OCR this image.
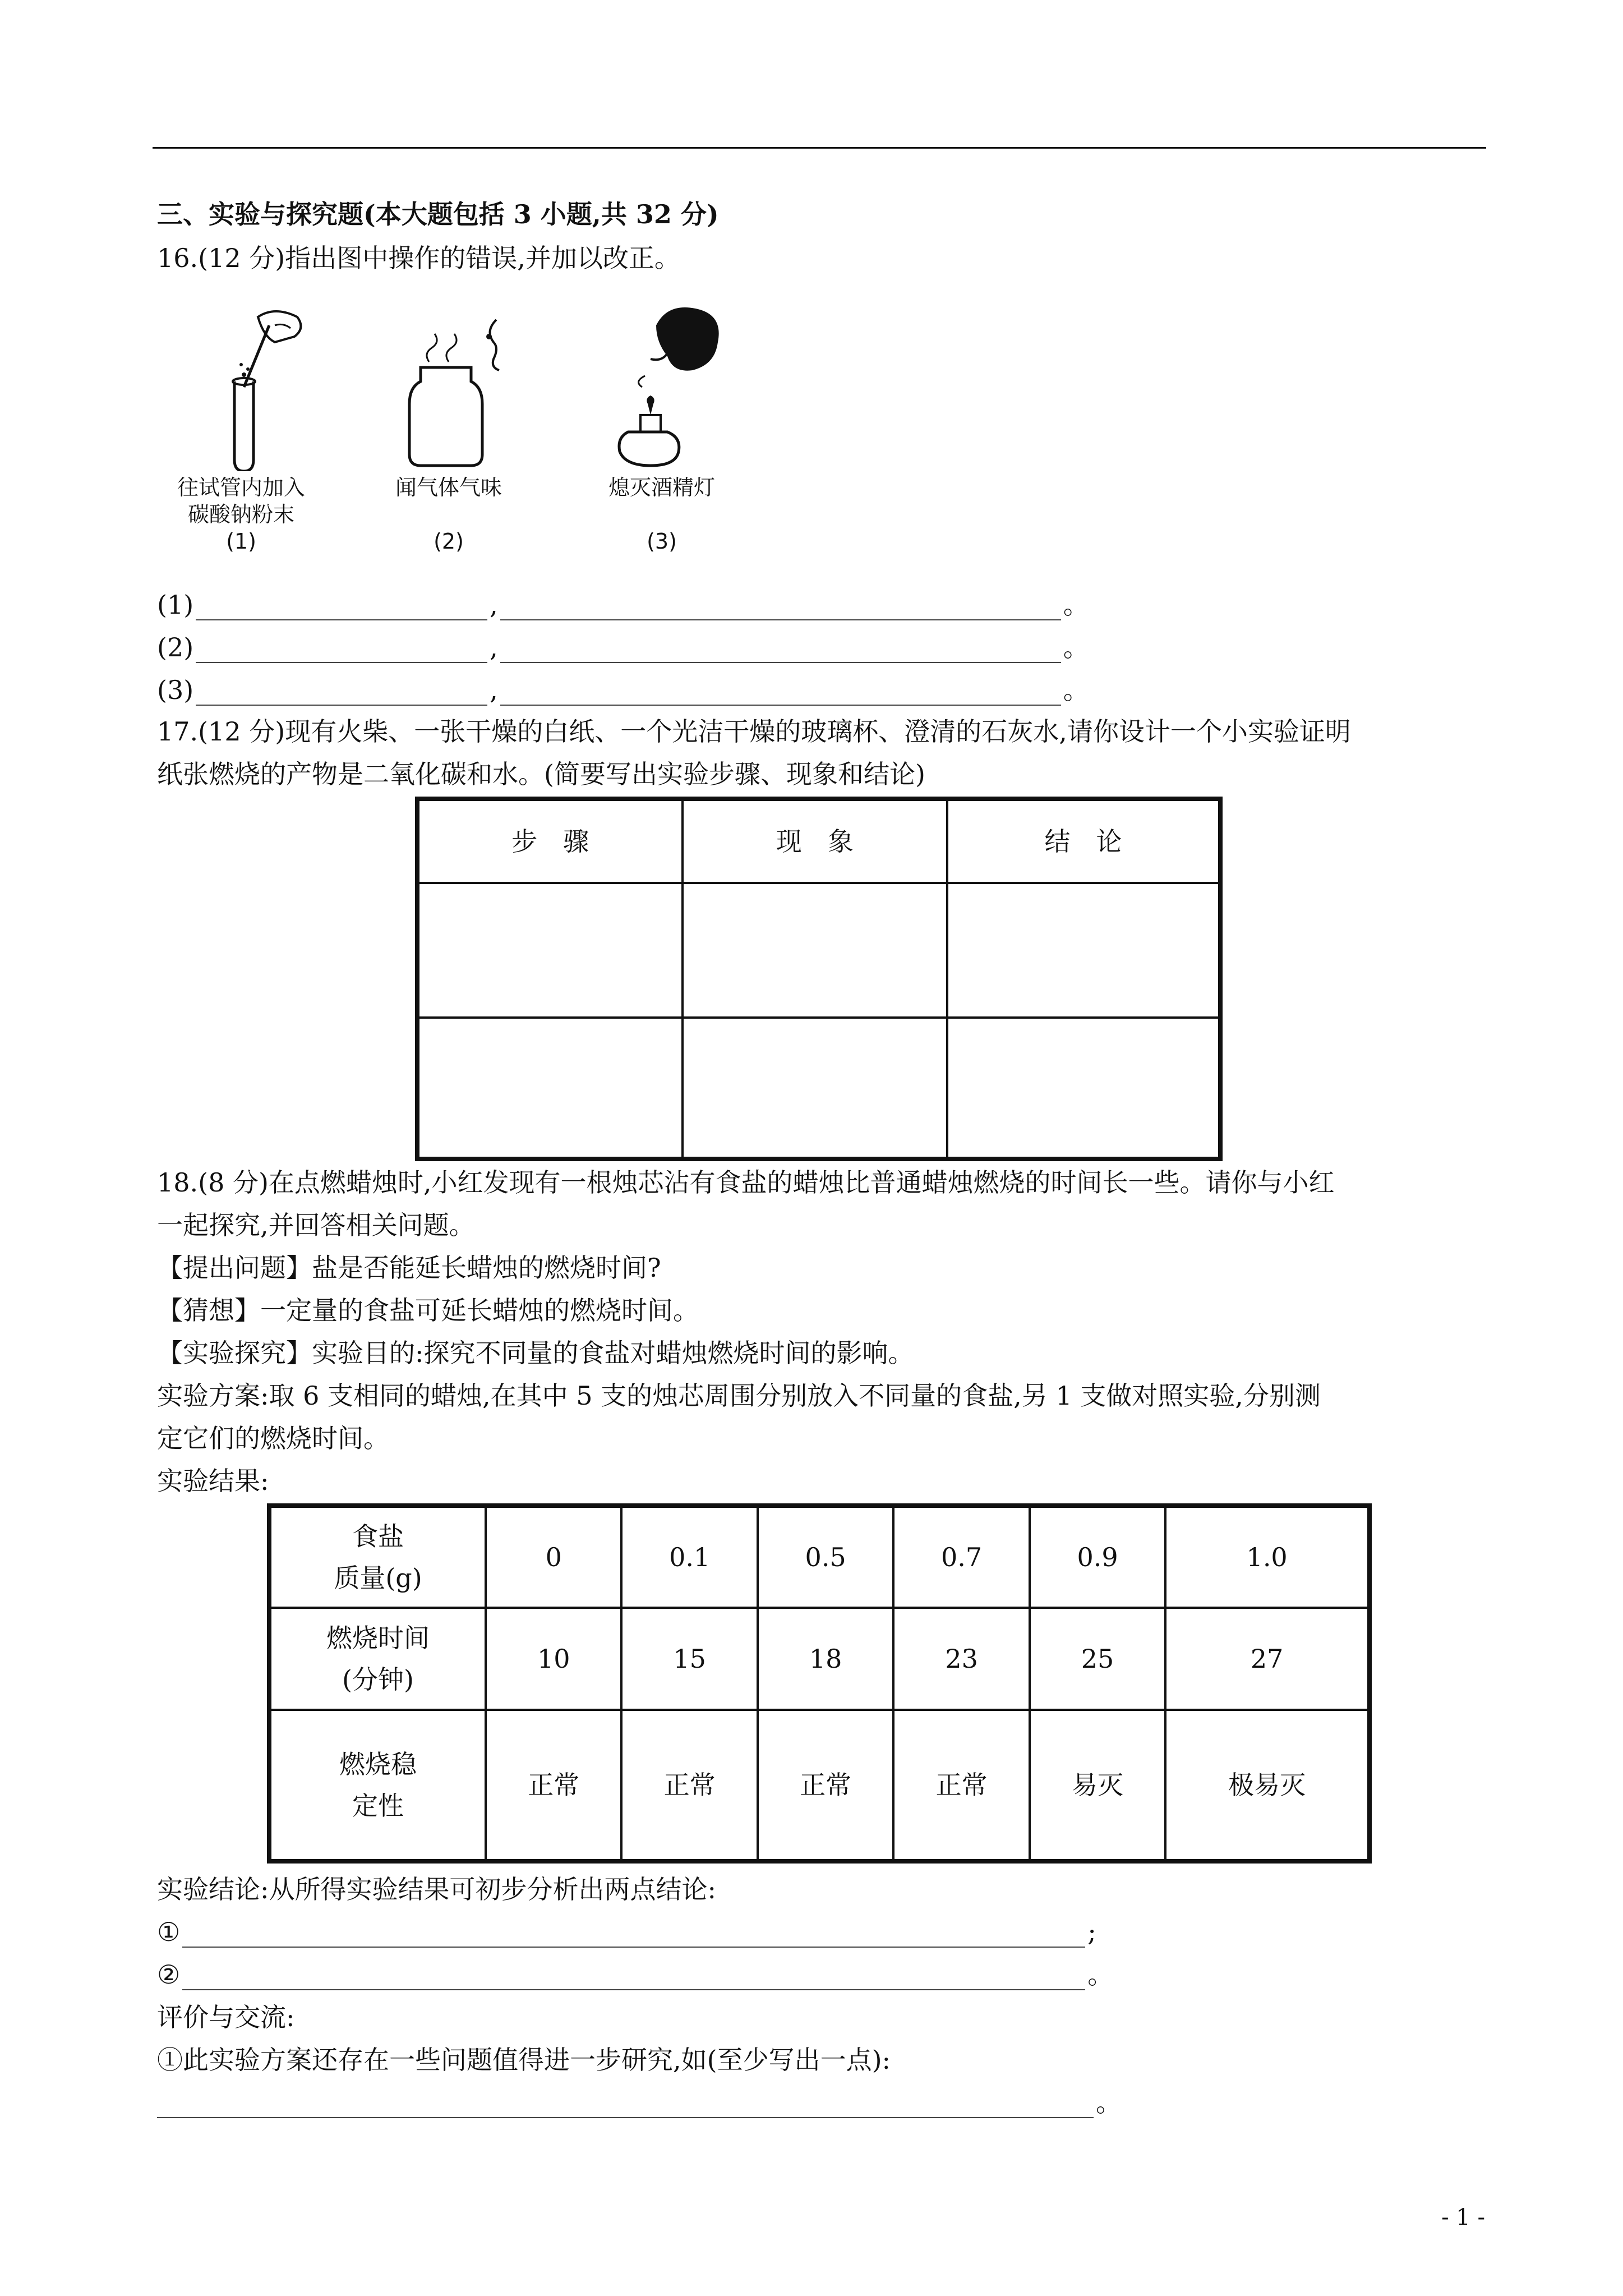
三、实验与探究题(本大题包括 3 小题,共 32 分)
16.(12 分)指出图中操作的错误,并加以改正。
往试管内加入
碳酸钠粉末
(1)
闻气体气味
(2)
熄灭酒精灯
(3)
(1)	,	。
(2)	,	。
(3)	,	。
17.(12 分)现有火柴、一张干燥的白纸、一个光洁干燥的玻璃杯、澄清的石灰水,请你设计一个小实验证明
纸张燃烧的产物是二氧化碳和水。(简要写出实验步骤、现象和结论)
步　骤	现　象	结　论

18.(8 分)在点燃蜡烛时,小红发现有一根烛芯沾有食盐的蜡烛比普通蜡烛燃烧的时间长一些。请你与小红
一起探究,并回答相关问题。
【提出问题】盐是否能延长蜡烛的燃烧时间?
【猜想】一定量的食盐可延长蜡烛的燃烧时间。
【实验探究】实验目的:探究不同量的食盐对蜡烛燃烧时间的影响。
实验方案:取 6 支相同的蜡烛,在其中 5 支的烛芯周围分别放入不同量的食盐,另 1 支做对照实验,分别测
定它们的燃烧时间。
实验结果:
食盐
质量(g)	0	0.1	0.5	0.7	0.9	1.0

燃烧时间
(分钟)	10	15	18	23	25	27

燃烧稳
定性	正常	正常	正常	正常	易灭	极易灭
实验结论:从所得实验结果可初步分析出两点结论:
①	;
②	。
评价与交流:
①此实验方案还存在一些问题值得进一步研究,如(至少写出一点):
。
- 1 -
